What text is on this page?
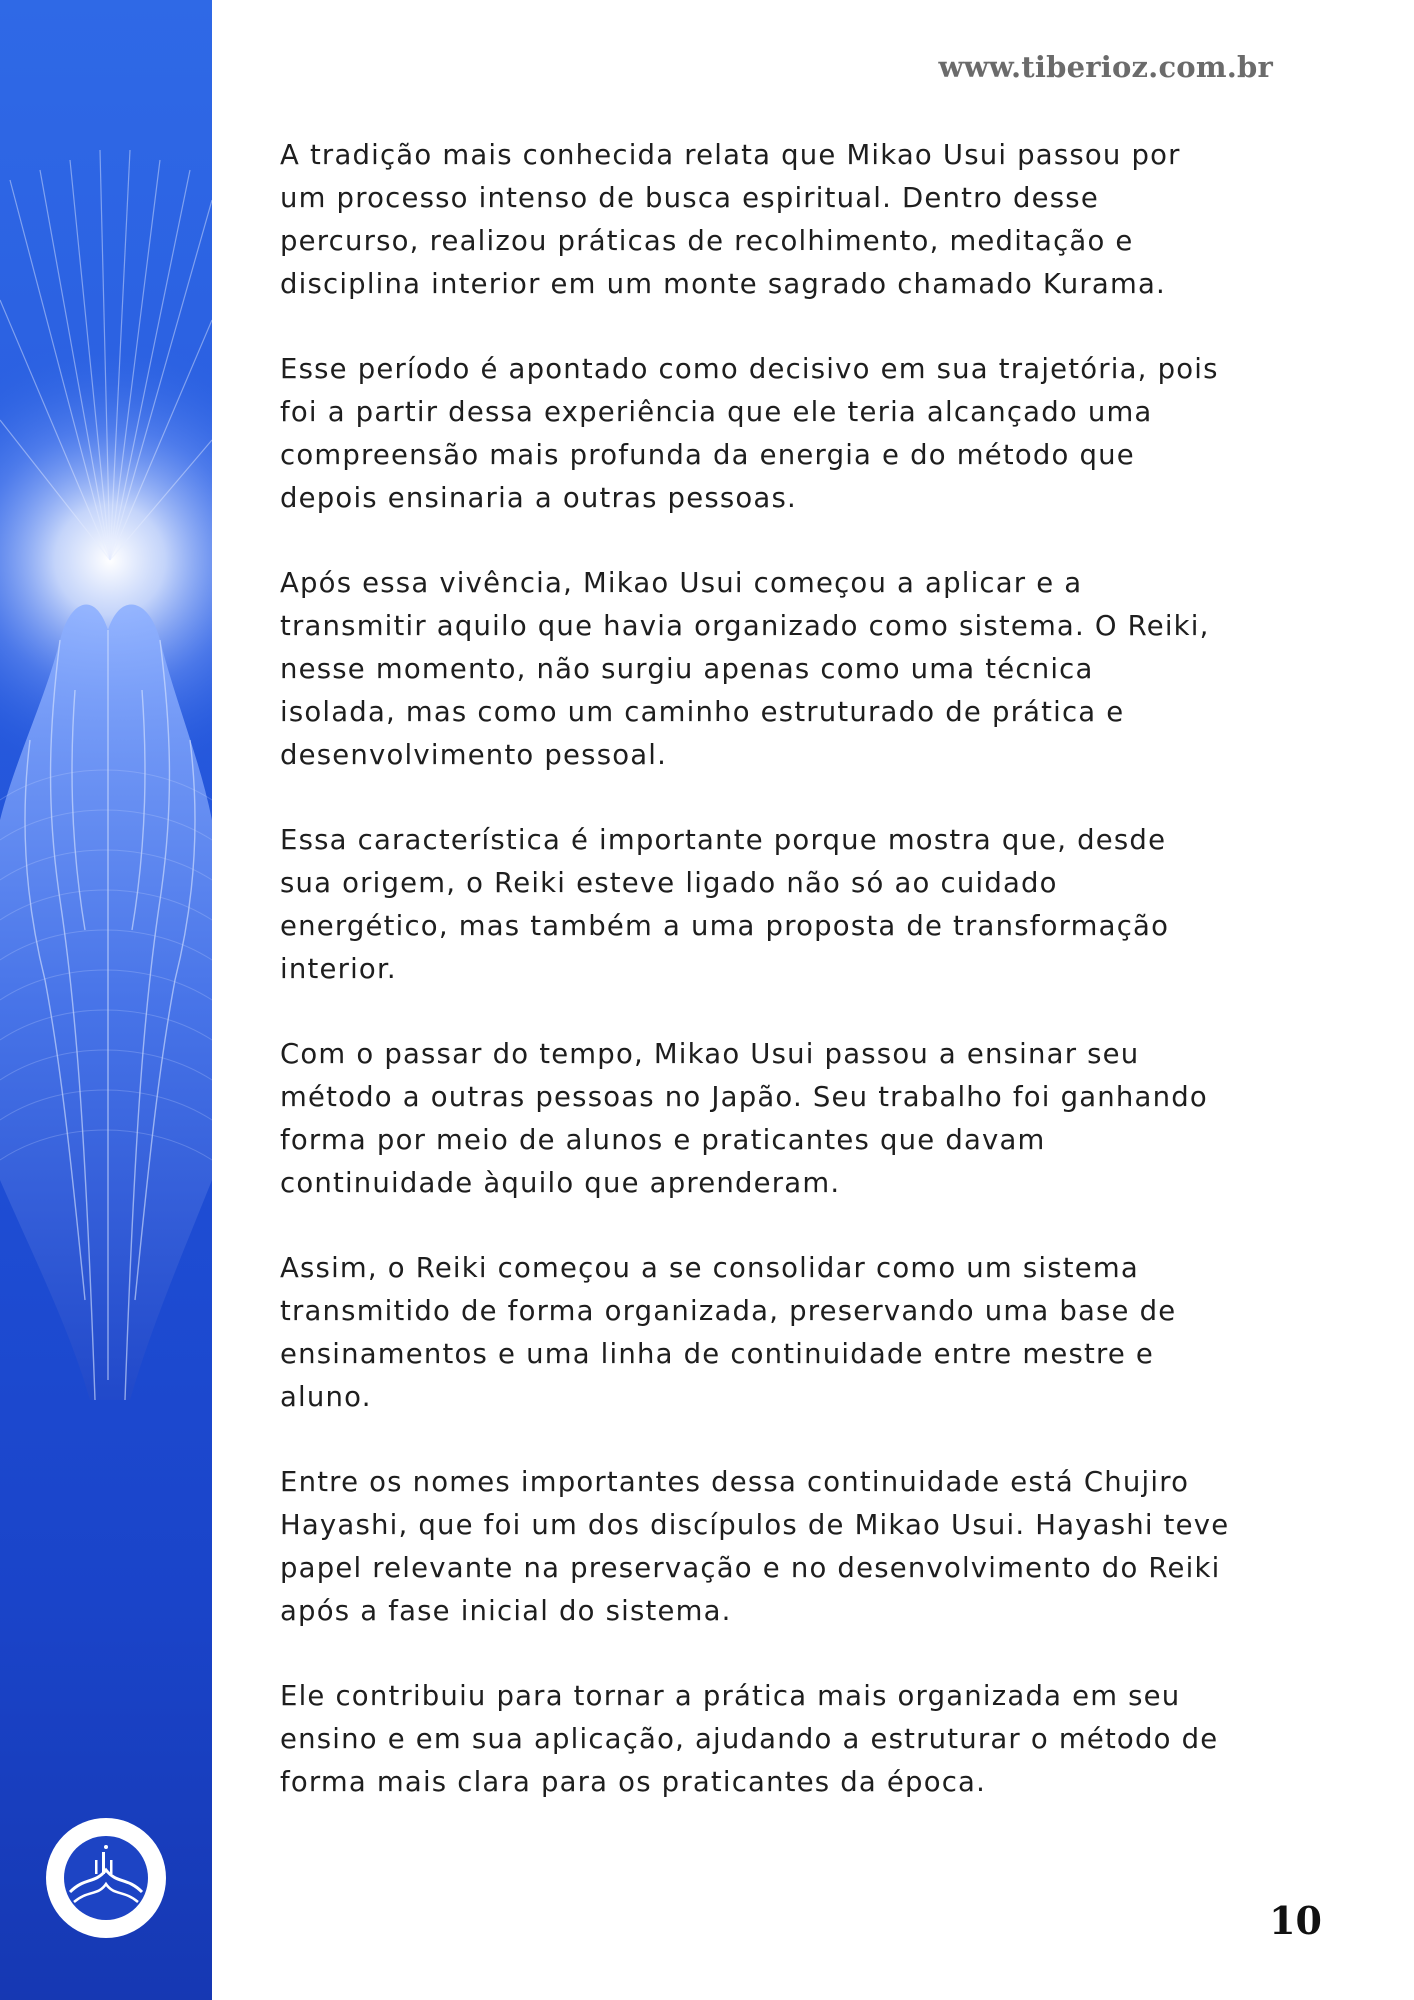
www.tiberioz.com.br

A tradição mais conhecida relata que Mikao Usui passou por
um processo intenso de busca espiritual. Dentro desse
percurso, realizou práticas de recolhimento, meditação e
disciplina interior em um monte sagrado chamado Kurama.

Esse período é apontado como decisivo em sua trajetória, pois
foi a partir dessa experiência que ele teria alcançado uma
compreensão mais profunda da energia e do método que
depois ensinaria a outras pessoas.

Após essa vivência, Mikao Usui começou a aplicar e a
transmitir aquilo que havia organizado como sistema. O Reiki,
nesse momento, não surgiu apenas como uma técnica
isolada, mas como um caminho estruturado de prática e
desenvolvimento pessoal.

Essa característica é importante porque mostra que, desde
sua origem, o Reiki esteve ligado não só ao cuidado
energético, mas também a uma proposta de transformação
interior.

Com o passar do tempo, Mikao Usui passou a ensinar seu
método a outras pessoas no Japão. Seu trabalho foi ganhando
forma por meio de alunos e praticantes que davam
continuidade àquilo que aprenderam.

Assim, o Reiki começou a se consolidar como um sistema
transmitido de forma organizada, preservando uma base de
ensinamentos e uma linha de continuidade entre mestre e
aluno.

Entre os nomes importantes dessa continuidade está Chujiro
Hayashi, que foi um dos discípulos de Mikao Usui. Hayashi teve
papel relevante na preservação e no desenvolvimento do Reiki
após a fase inicial do sistema.

Ele contribuiu para tornar a prática mais organizada em seu
ensino e em sua aplicação, ajudando a estruturar o método de
forma mais clara para os praticantes da época.

10
